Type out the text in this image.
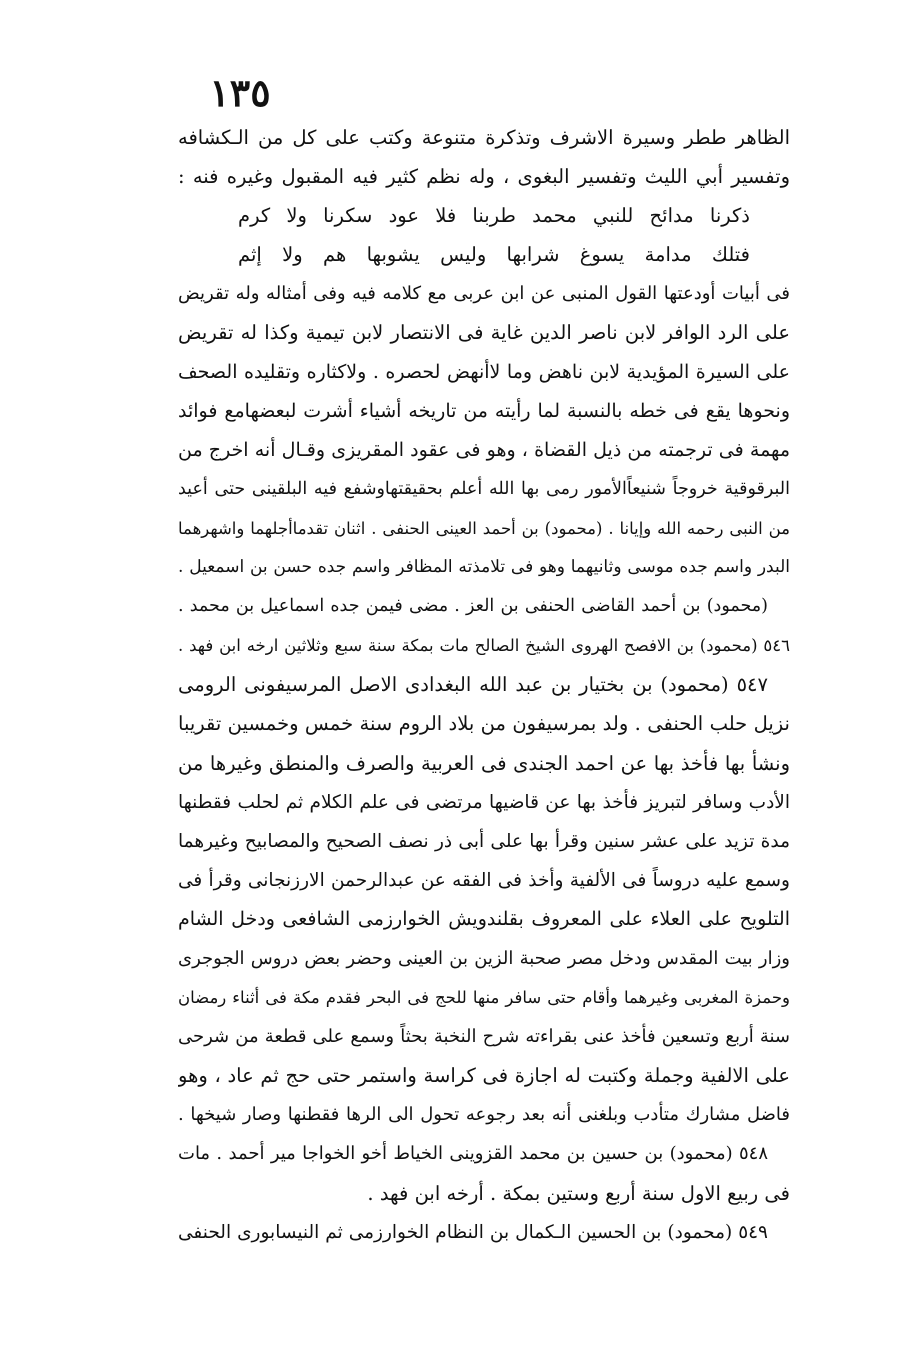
١٣٥
الظاهر ططر وسيرة الاشرف وتذكرة متنوعة وكتب على كل من الـكشافه
وتفسير أبي الليث وتفسير البغوى ، وله نظم كثير فيه المقبول وغيره فنه :
ذكرنا مدائح للنبي محمد طربنا فلا عود سكرنا ولا كرم
فتلك مدامة يسوغ شرابها وليس يشوبها هم ولا إثم
فى أبيات أودعتها القول المنبى عن ابن عربى مع كلامه فيه وفى أمثاله وله تقريض
على الرد الوافر لابن ناصر الدين غاية فى الانتصار لابن تيمية وكذا له تقريض
على السيرة المؤيدية لابن ناهض وما لاأنهض لحصره . ولاكثاره وتقليده الصحف
ونحوها يقع فى خطه بالنسبة لما رأيته من تاريخه أشياء أشرت لبعضهامع فوائد
مهمة فى ترجمته من ذيل القضاة ، وهو فى عقود المقريزى وقـال أنه اخرج من
البرقوقية خروجاً شنيعاًالأمور رمى بها الله أعلم بحقيقتهاوشفع فيه البلقينى حتى أعيد
من النبى رحمه الله وإيانا . (محمود) بن أحمد العينى الحنفى . اثنان تقدماأجلهما واشهرهما
البدر واسم جده موسى وثانيهما وهو فى تلامذته المظافر واسم جده حسن بن اسمعيل .
(محمود) بن أحمد القاضى الحنفى بن العز . مضى فيمن جده اسماعيل بن محمد .
٥٤٦ (محمود) بن الافصح الهروى الشيخ الصالح مات بمكة سنة سبع وثلاثين ارخه ابن فهد .
٥٤٧ (محمود) بن بختيار بن عبد الله البغدادى الاصل المرسيفونى الرومى
نزيل حلب الحنفى . ولد بمرسيفون من بلاد الروم سنة خمس وخمسين تقريبا
ونشأ بها فأخذ بها عن احمد الجندى فى العربية والصرف والمنطق وغيرها من
الأدب وسافر لتبريز فأخذ بها عن قاضيها مرتضى فى علم الكلام ثم لحلب فقطنها
مدة تزيد على عشر سنين وقرأ بها على أبى ذر نصف الصحيح والمصابيح وغيرهما
وسمع عليه دروساً فى الألفية وأخذ فى الفقه عن عبدالرحمن الارزنجانى وقرأ فى
التلويح على العلاء على المعروف بقلندويش الخوارزمى الشافعى ودخل الشام
وزار بيت المقدس ودخل مصر صحبة الزين بن العينى وحضر بعض دروس الجوجرى
وحمزة المغربى وغيرهما وأقام حتى سافر منها للحج فى البحر فقدم مكة فى أثناء رمضان
سنة أربع وتسعين فأخذ عنى بقراءته شرح النخبة بحثاً وسمع على قطعة من شرحى
على الالفية وجملة وكتبت له اجازة فى كراسة واستمر حتى حج ثم عاد ، وهو
فاضل مشارك متأدب وبلغنى أنه بعد رجوعه تحول الى الرها فقطنها وصار شيخها .
٥٤٨ (محمود) بن حسين بن محمد القزوينى الخياط أخو الخواجا مير أحمد . مات
فى ربيع الاول سنة أربع وستين بمكة . أرخه ابن فهد .
٥٤٩ (محمود) بن الحسين الـكمال بن النظام الخوارزمى ثم النيسابورى الحنفى
